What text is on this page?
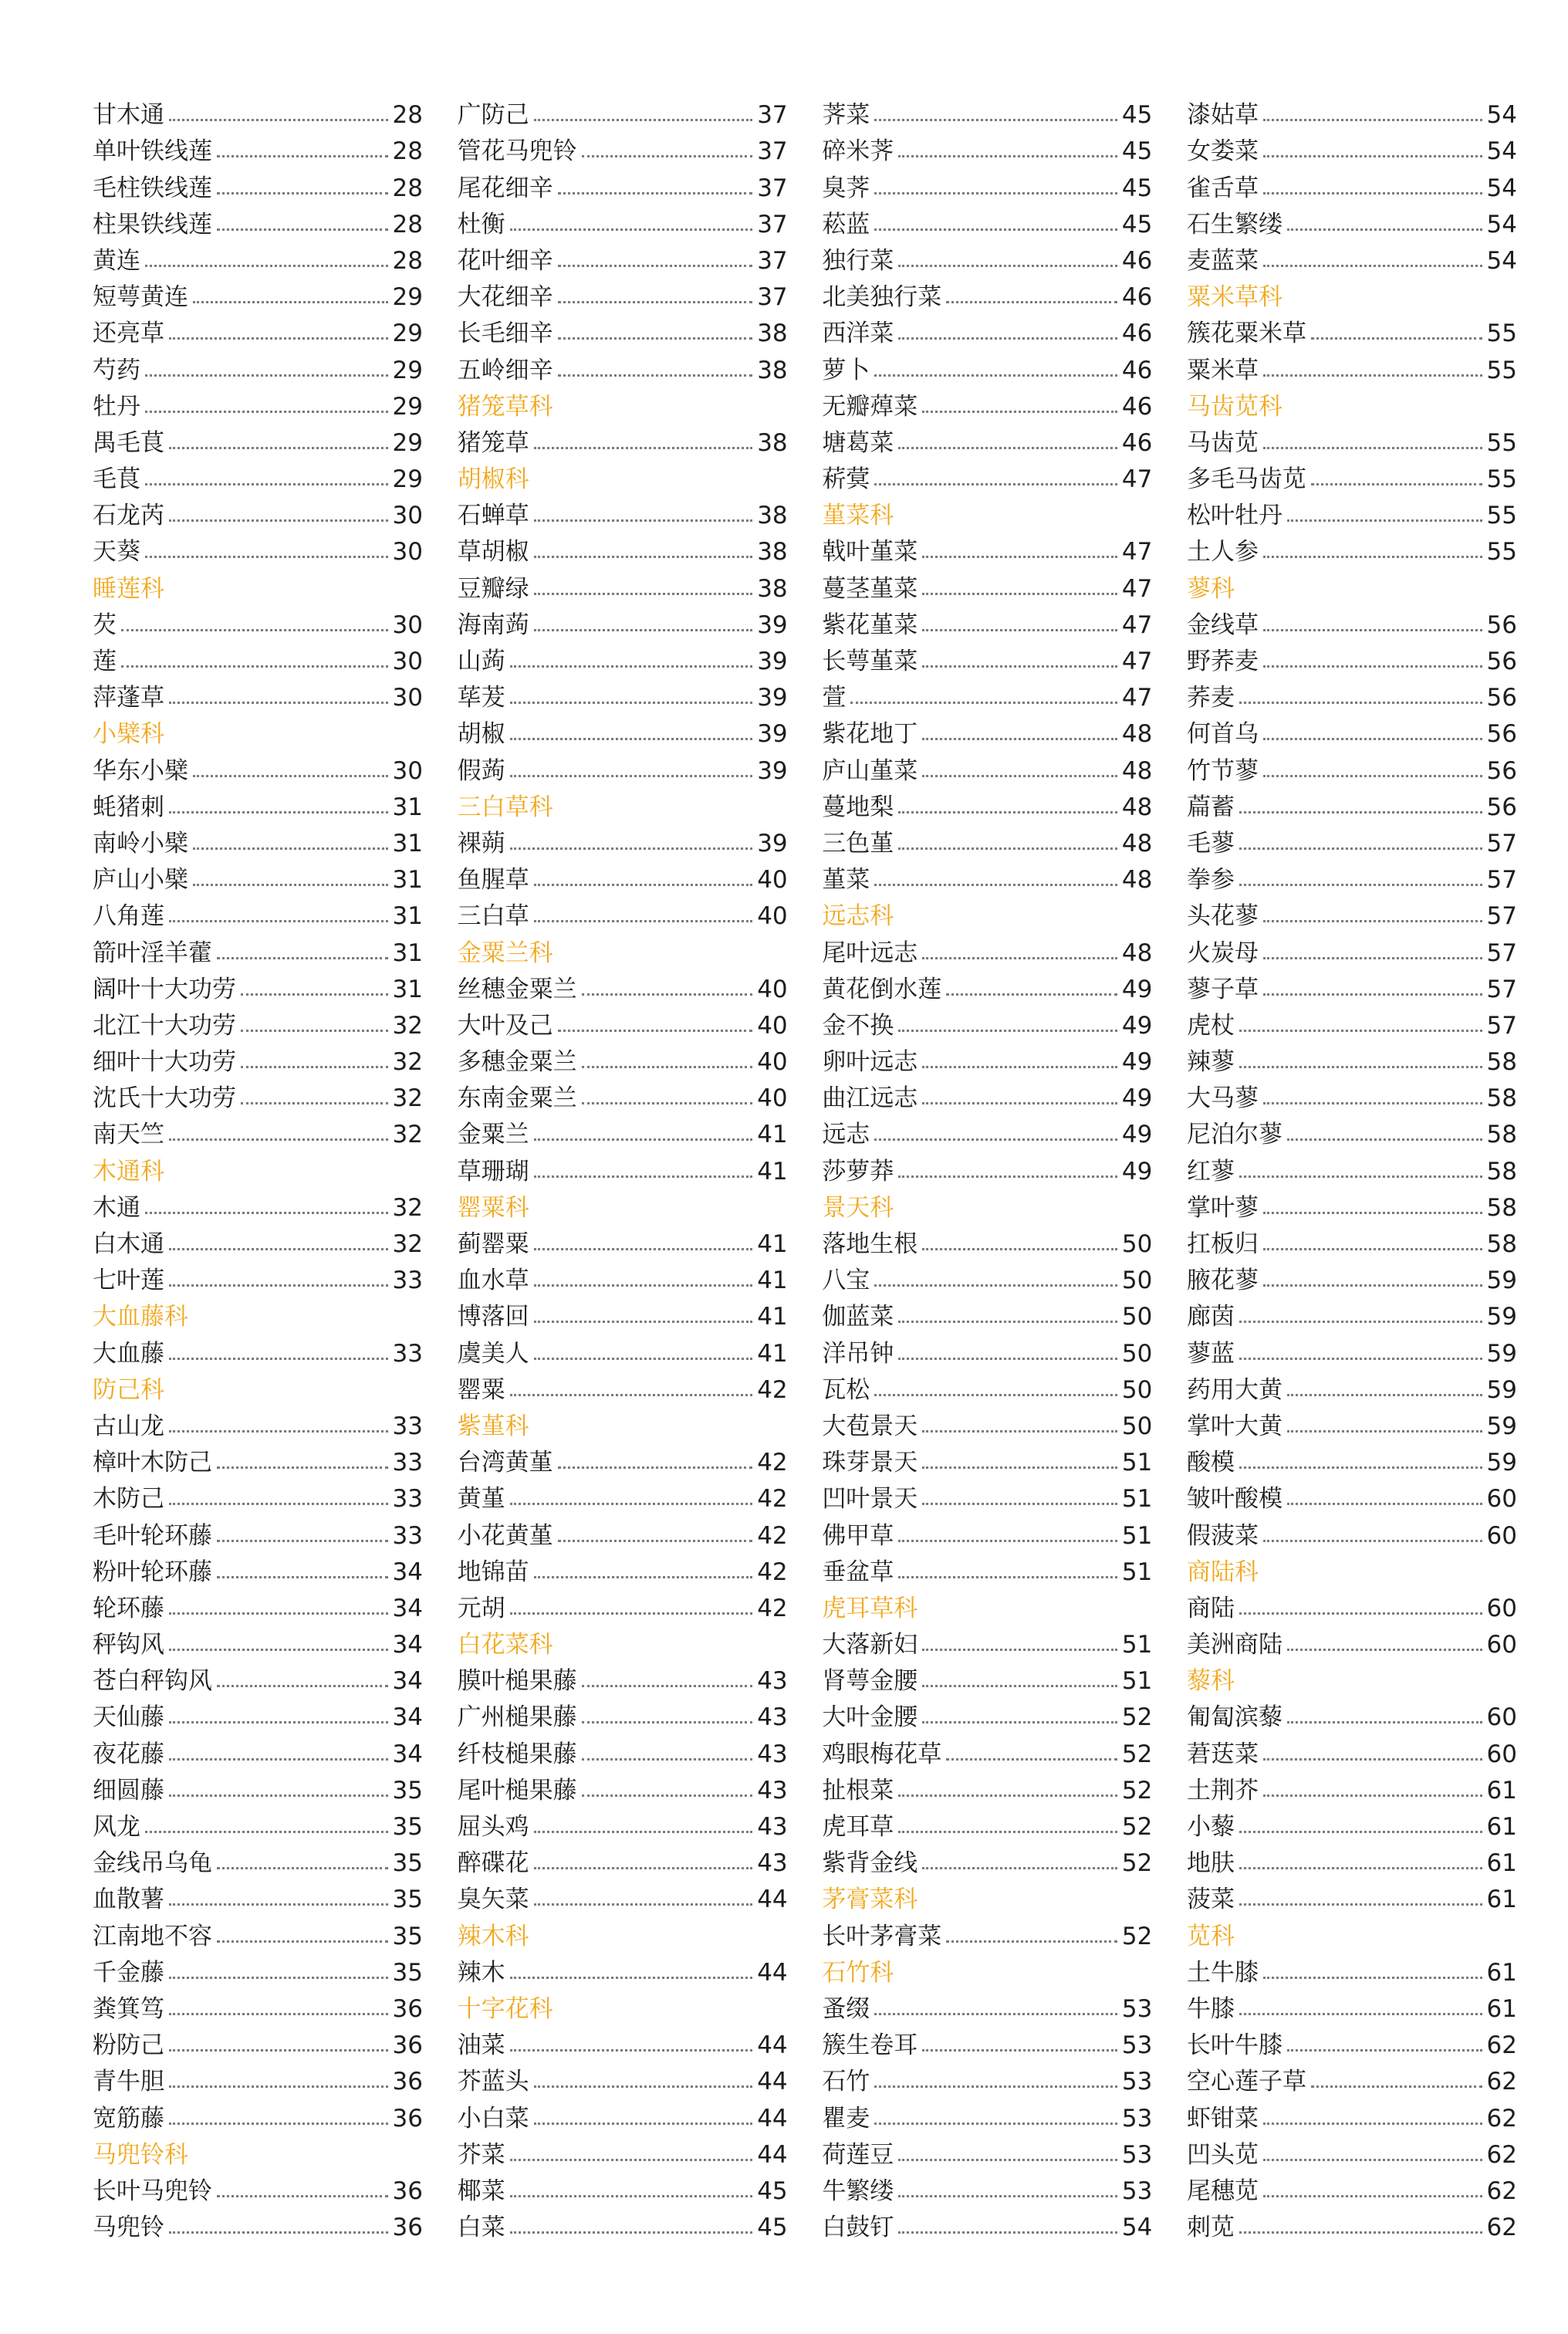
甘木通	28
单叶铁线莲	28
毛柱铁线莲	28
柱果铁线莲	28
黄连	28
短萼黄连	29
还亮草	29
芍药	29
牡丹	29
禺毛茛	29
毛茛	29
石龙芮	30
天葵	30
睡莲科
芡	30
莲	30
萍蓬草	30
小檗科
华东小檗	30
蚝猪刺	31
南岭小檗	31
庐山小檗	31
八角莲	31
箭叶淫羊藿	31
阔叶十大功劳	31
北江十大功劳	32
细叶十大功劳	32
沈氏十大功劳	32
南天竺	32
木通科
木通	32
白木通	32
七叶莲	33
大血藤科
大血藤	33
防己科
古山龙	33
樟叶木防己	33
木防己	33
毛叶轮环藤	33
粉叶轮环藤	34
轮环藤	34
秤钩风	34
苍白秤钩风	34
天仙藤	34
夜花藤	34
细圆藤	35
风龙	35
金线吊乌龟	35
血散薯	35
江南地不容	35
千金藤	35
粪箕笃	36
粉防己	36
青牛胆	36
宽筋藤	36
马兜铃科
长叶马兜铃	36
马兜铃	36
广防己	37
管花马兜铃	37
尾花细辛	37
杜衡	37
花叶细辛	37
大花细辛	37
长毛细辛	38
五岭细辛	38
猪笼草科
猪笼草	38
胡椒科
石蝉草	38
草胡椒	38
豆瓣绿	38
海南蒟	39
山蒟	39
荜茇	39
胡椒	39
假蒟	39
三白草科
裸蒴	39
鱼腥草	40
三白草	40
金粟兰科
丝穗金粟兰	40
大叶及己	40
多穗金粟兰	40
东南金粟兰	40
金粟兰	41
草珊瑚	41
罂粟科
蓟罂粟	41
血水草	41
博落回	41
虞美人	41
罂粟	42
紫堇科
台湾黄堇	42
黄堇	42
小花黄堇	42
地锦苗	42
元胡	42
白花菜科
膜叶槌果藤	43
广州槌果藤	43
纤枝槌果藤	43
尾叶槌果藤	43
屈头鸡	43
醉碟花	43
臭矢菜	44
辣木科
辣木	44
十字花科
油菜	44
芥蓝头	44
小白菜	44
芥菜	44
椰菜	45
白菜	45
荠菜	45
碎米荠	45
臭荠	45
菘蓝	45
独行菜	46
北美独行菜	46
西洋菜	46
萝卜	46
无瓣蔊菜	46
塘葛菜	46
菥蓂	47
堇菜科
戟叶堇菜	47
蔓茎堇菜	47
紫花堇菜	47
长萼堇菜	47
萱	47
紫花地丁	48
庐山堇菜	48
蔓地梨	48
三色堇	48
堇菜	48
远志科
尾叶远志	48
黄花倒水莲	49
金不换	49
卵叶远志	49
曲江远志	49
远志	49
莎萝莽	49
景天科
落地生根	50
八宝	50
伽蓝菜	50
洋吊钟	50
瓦松	50
大苞景天	50
珠芽景天	51
凹叶景天	51
佛甲草	51
垂盆草	51
虎耳草科
大落新妇	51
肾萼金腰	51
大叶金腰	52
鸡眼梅花草	52
扯根菜	52
虎耳草	52
紫背金线	52
茅膏菜科
长叶茅膏菜	52
石竹科
蚤缀	53
簇生卷耳	53
石竹	53
瞿麦	53
荷莲豆	53
牛繁缕	53
白鼓钉	54
漆姑草	54
女娄菜	54
雀舌草	54
石生繁缕	54
麦蓝菜	54
粟米草科
簇花粟米草	55
粟米草	55
马齿苋科
马齿苋	55
多毛马齿苋	55
松叶牡丹	55
土人参	55
蓼科
金线草	56
野荞麦	56
荞麦	56
何首乌	56
竹节蓼	56
萹蓄	56
毛蓼	57
拳参	57
头花蓼	57
火炭母	57
蓼子草	57
虎杖	57
辣蓼	58
大马蓼	58
尼泊尔蓼	58
红蓼	58
掌叶蓼	58
扛板归	58
腋花蓼	59
廊茵	59
蓼蓝	59
药用大黄	59
掌叶大黄	59
酸模	59
皱叶酸模	60
假菠菜	60
商陆科
商陆	60
美洲商陆	60
藜科
匍匐滨藜	60
莙荙菜	60
土荆芥	61
小藜	61
地肤	61
菠菜	61
苋科
土牛膝	61
牛膝	61
长叶牛膝	62
空心莲子草	62
虾钳菜	62
凹头苋	62
尾穗苋	62
刺苋	62
